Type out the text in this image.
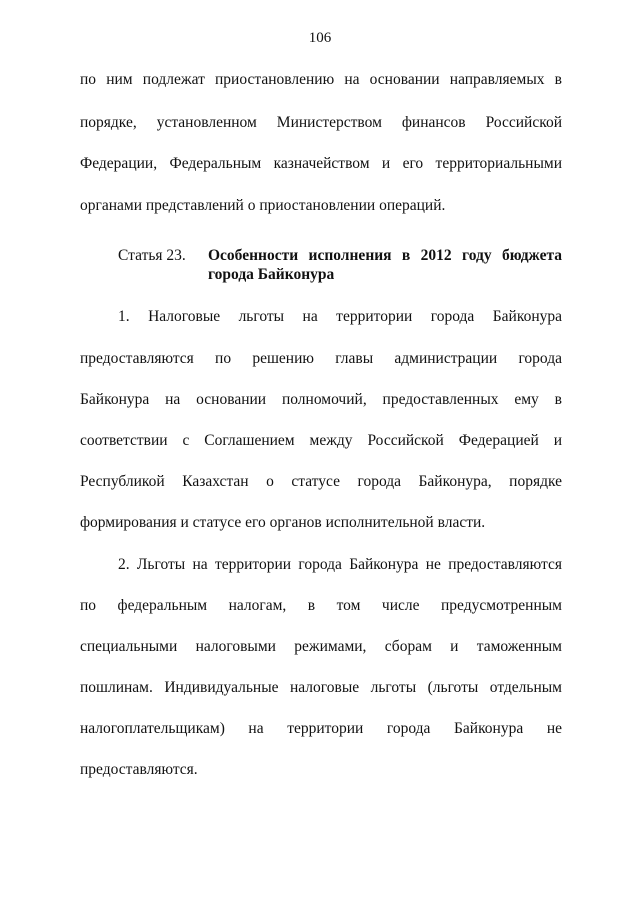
106
по ним подлежат приостановлению на основании направляемых в
порядке, установленном Министерством финансов Российской
Федерации, Федеральным казначейством и его территориальными
органами представлений о приостановлении операций.
Статья 23. Особенности исполнения в 2012 году бюджета города Байконура
1. Налоговые льготы на территории города Байконура
предоставляются по решению главы администрации города
Байконура на основании полномочий, предоставленных ему в
соответствии с Соглашением между Российской Федерацией и
Республикой Казахстан о статусе города Байконура, порядке
формирования и статусе его органов исполнительной власти.
2. Льготы на территории города Байконура не предоставляются
по федеральным налогам, в том числе предусмотренным
специальными налоговыми режимами, сборам и таможенным
пошлинам. Индивидуальные налоговые льготы (льготы отдельным
налогоплательщикам) на территории города Байконура не
предоставляются.
